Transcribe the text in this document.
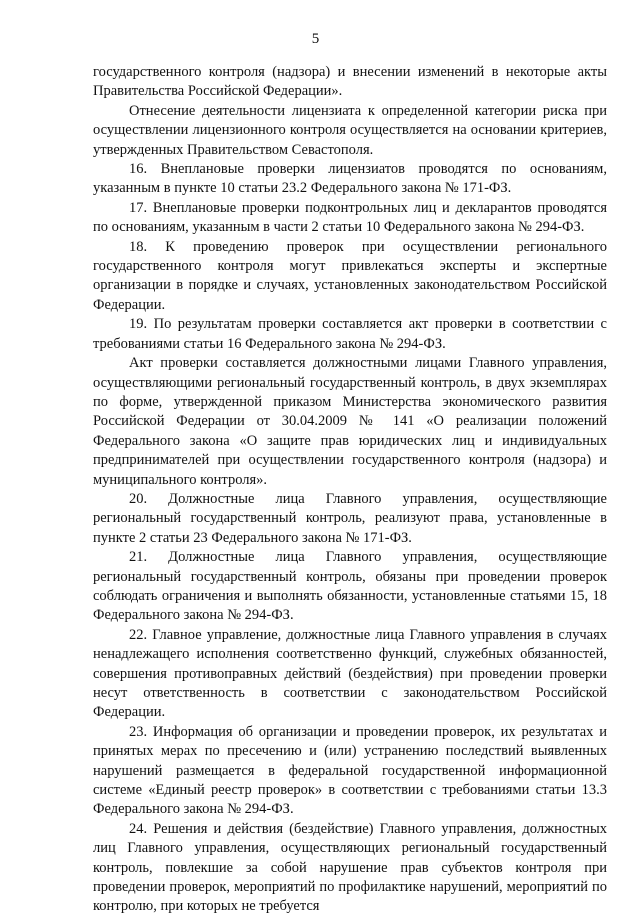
5

государственного контроля (надзора) и внесении изменений в некоторые акты Правительства Российской Федерации».

Отнесение деятельности лицензиата к определенной категории риска при осуществлении лицензионного контроля осуществляется на основании критериев, утвержденных Правительством Севастополя.

16. Внеплановые проверки лицензиатов проводятся по основаниям, указанным в пункте 10 статьи 23.2 Федерального закона № 171-ФЗ.

17. Внеплановые проверки подконтрольных лиц и декларантов проводятся по основаниям, указанным в части 2 статьи 10 Федерального закона № 294-ФЗ.

18. К проведению проверок при осуществлении регионального государственного контроля могут привлекаться эксперты и экспертные организации в порядке и случаях, установленных законодательством Российской Федерации.

19. По результатам проверки составляется акт проверки в соответствии с требованиями статьи 16 Федерального закона № 294-ФЗ.

Акт проверки составляется должностными лицами Главного управления, осуществляющими региональный государственный контроль, в двух экземплярах по форме, утвержденной приказом Министерства экономического развития Российской Федерации от 30.04.2009 № 141 «О реализации положений Федерального закона «О защите прав юридических лиц и индивидуальных предпринимателей при осуществлении государственного контроля (надзора) и муниципального контроля».

20. Должностные лица Главного управления, осуществляющие региональный государственный контроль, реализуют права, установленные в пункте 2 статьи 23 Федерального закона № 171-ФЗ.

21. Должностные лица Главного управления, осуществляющие региональный государственный контроль, обязаны при проведении проверок соблюдать ограничения и выполнять обязанности, установленные статьями 15, 18 Федерального закона № 294-ФЗ.

22. Главное управление, должностные лица Главного управления в случаях ненадлежащего исполнения соответственно функций, служебных обязанностей, совершения противоправных действий (бездействия) при проведении проверки несут ответственность в соответствии с законодательством Российской Федерации.

23. Информация об организации и проведении проверок, их результатах и принятых мерах по пресечению и (или) устранению последствий выявленных нарушений размещается в федеральной государственной информационной системе «Единый реестр проверок» в соответствии с требованиями статьи 13.3 Федерального закона № 294-ФЗ.

24. Решения и действия (бездействие) Главного управления, должностных лиц Главного управления, осуществляющих региональный государственный контроль, повлекшие за собой нарушение прав субъектов контроля при проведении проверок, мероприятий по профилактике нарушений, мероприятий по контролю, при которых не требуется
